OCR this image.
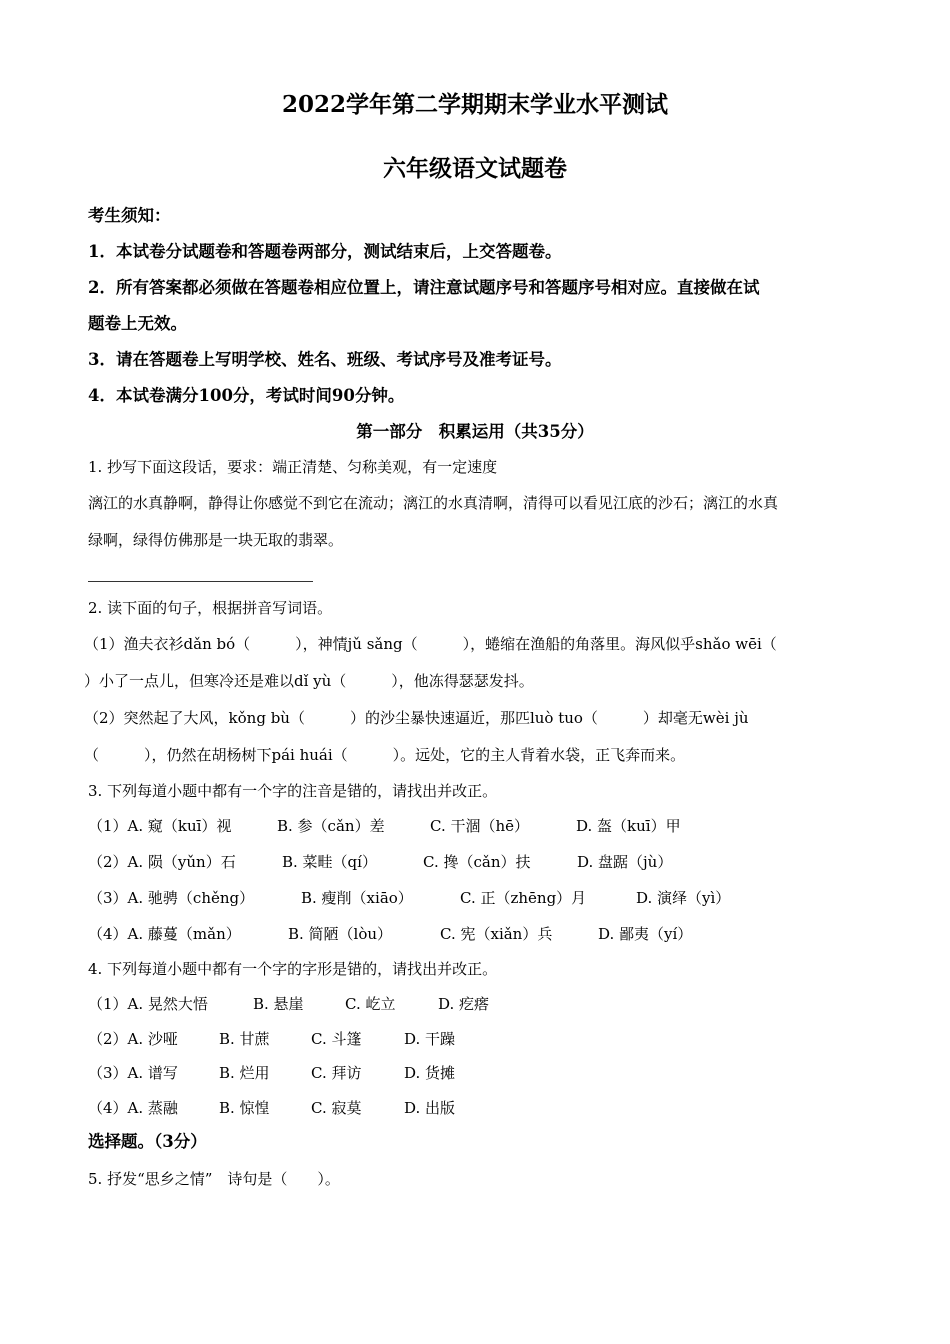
2022学年第二学期期末学业水平测试
六年级语文试题卷
考生须知：
1．本试卷分试题卷和答题卷两部分，测试结束后，上交答题卷。
2．所有答案都必须做在答题卷相应位置上，请注意试题序号和答题序号相对应。直接做在试
题卷上无效。
3．请在答题卷上写明学校、姓名、班级、考试序号及准考证号。
4．本试卷满分100分，考试时间90分钟。
第一部分　积累运用（共35分）
1. 抄写下面这段话，要求：端正清楚、匀称美观，有一定速度
漓江的水真静啊，静得让你感觉不到它在流动；漓江的水真清啊，清得可以看见江底的沙石；漓江的水真
绿啊，绿得仿佛那是一块无取的翡翠。
2. 读下面的句子，根据拼音写词语。
（1）渔夫衣衫dǎn bó（　　　），神情jǔ sǎng（　　　），蜷缩在渔船的角落里。海风似乎shǎo wēi（
）小了一点儿，但寒冷还是难以dǐ yù（　　　），他冻得瑟瑟发抖。
（2）突然起了大风，kǒng bù（　　　）的沙尘暴快速逼近，那匹luò tuo（　　　）却毫无wèi jù
（　　　），仍然在胡杨树下pái huái（　　　）。远处，它的主人背着水袋，正飞奔而来。
3. 下列每道小题中都有一个字的注音是错的，请找出并改正。
（1）A. 窥（kuī）视	B. 参（cǎn）差	C. 干涸（hē）	D. 盔（kuī）甲
（2）A. 陨（yǔn）石	B. 菜畦（qí）	C. 搀（cǎn）扶	D. 盘踞（jù）
（3）A. 驰骋（chěng）	B. 瘦削（xiāo）	C. 正（zhēng）月	D. 演绎（yì）
（4）A. 藤蔓（mǎn）	B. 简陋（lòu）	C. 宪（xiǎn）兵	D. 鄙夷（yí）
4. 下列每道小题中都有一个字的字形是错的，请找出并改正。
（1）A. 晃然大悟	B. 悬崖	C. 屹立	D. 疙瘩
（2）A. 沙哑	B. 甘蔗	C. 斗篷	D. 干躁
（3）A. 谱写	B. 烂用	C. 拜访	D. 货摊
（4）A. 蒸融	B. 惊惶	C. 寂莫	D. 出版
选择题。（3分）
5. 抒发“思乡之情”　诗句是（　　）。
